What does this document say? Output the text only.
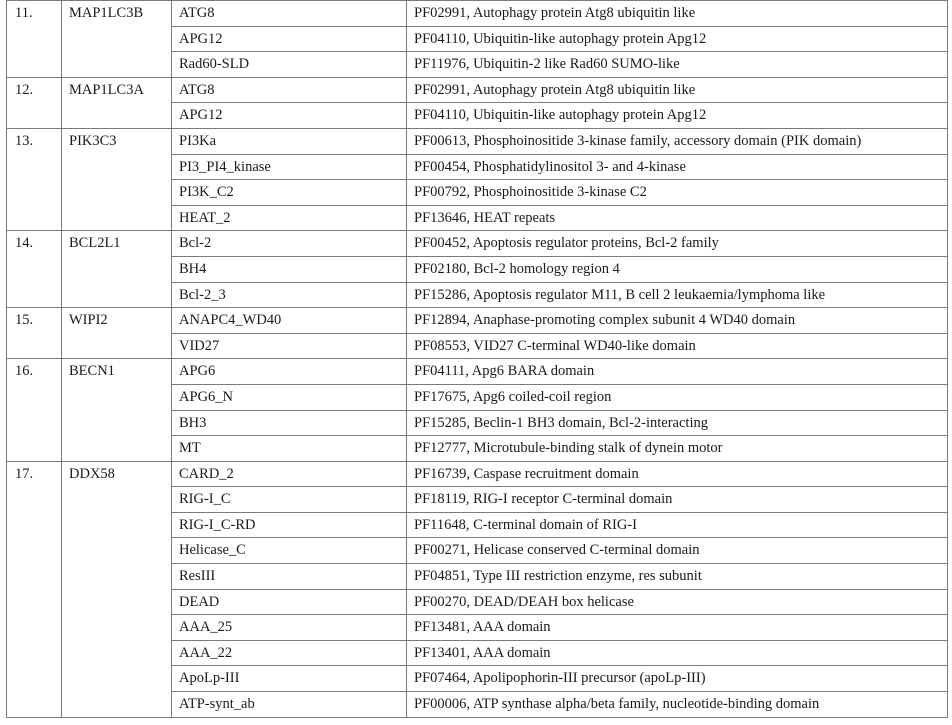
11.	MAP1LC3B	ATG8	PF02991, Autophagy protein Atg8 ubiquitin like
		APG12	PF04110, Ubiquitin-like autophagy protein Apg12
		Rad60-SLD	PF11976, Ubiquitin-2 like Rad60 SUMO-like
12.	MAP1LC3A	ATG8	PF02991, Autophagy protein Atg8 ubiquitin like
		APG12	PF04110, Ubiquitin-like autophagy protein Apg12
13.	PIK3C3	PI3Ka	PF00613, Phosphoinositide 3-kinase family, accessory domain (PIK domain)
		PI3_PI4_kinase	PF00454, Phosphatidylinositol 3- and 4-kinase
		PI3K_C2	PF00792, Phosphoinositide 3-kinase C2
		HEAT_2	PF13646, HEAT repeats
14.	BCL2L1	Bcl-2	PF00452, Apoptosis regulator proteins, Bcl-2 family
		BH4	PF02180, Bcl-2 homology region 4
		Bcl-2_3	PF15286, Apoptosis regulator M11, B cell 2 leukaemia/lymphoma like
15.	WIPI2	ANAPC4_WD40	PF12894, Anaphase-promoting complex subunit 4 WD40 domain
		VID27	PF08553, VID27 C-terminal WD40-like domain
16.	BECN1	APG6	PF04111, Apg6 BARA domain
		APG6_N	PF17675, Apg6 coiled-coil region
		BH3	PF15285, Beclin-1 BH3 domain, Bcl-2-interacting
		MT	PF12777, Microtubule-binding stalk of dynein motor
17.	DDX58	CARD_2	PF16739, Caspase recruitment domain
		RIG-I_C	PF18119, RIG-I receptor C-terminal domain
		RIG-I_C-RD	PF11648, C-terminal domain of RIG-I
		Helicase_C	PF00271, Helicase conserved C-terminal domain
		ResIII	PF04851, Type III restriction enzyme, res subunit
		DEAD	PF00270, DEAD/DEAH box helicase
		AAA_25	PF13481, AAA domain
		AAA_22	PF13401, AAA domain
		ApoLp-III	PF07464, Apolipophorin-III precursor (apoLp-III)
		ATP-synt_ab	PF00006, ATP synthase alpha/beta family, nucleotide-binding domain
